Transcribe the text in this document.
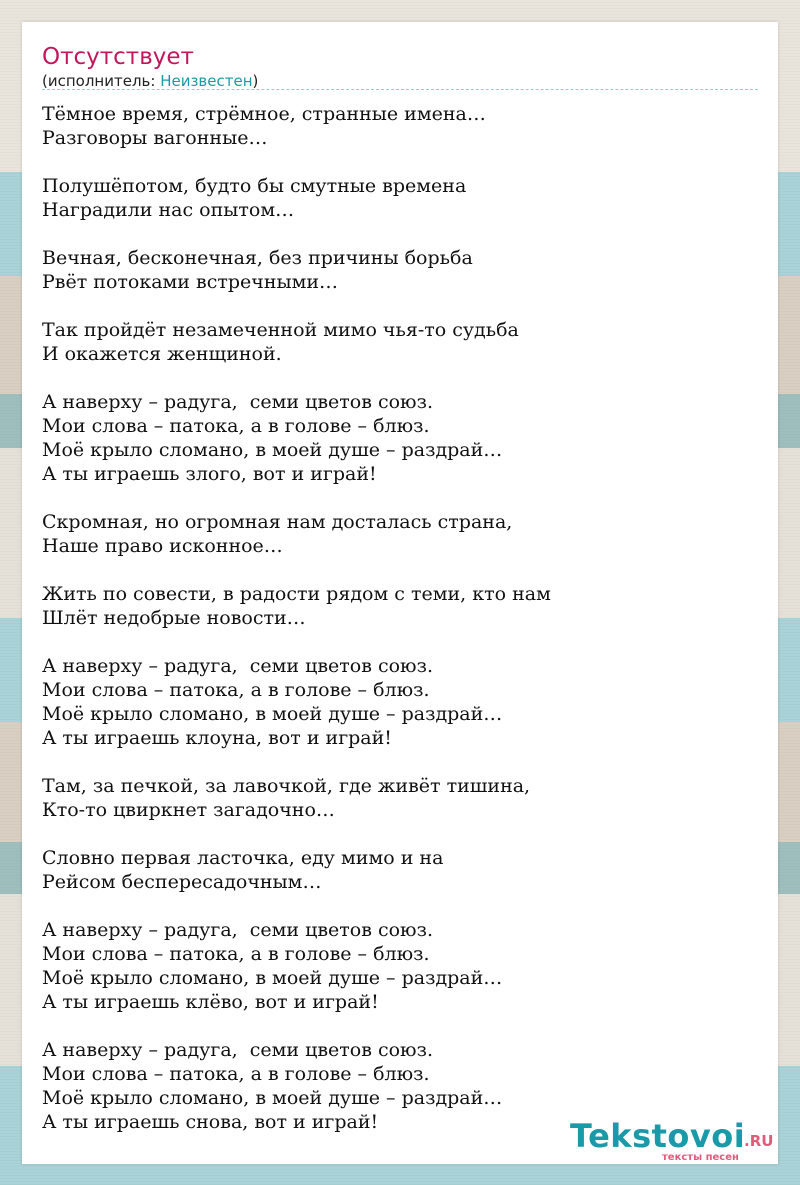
Отсутствует
(исполнитель: Неизвестен)
Тёмное время, стрёмное, странные имена…
Разговоры вагонные…
Полушёпотом, будто бы смутные времена
Наградили нас опытом…
Вечная, бесконечная, без причины борьба
Рвёт потоками встречными…
Так пройдёт незамеченной мимо чья-то судьба
И окажется женщиной.
А наверху – радуга,  семи цветов союз.
Мои слова – патока, а в голове – блюз.
Моё крыло сломано, в моей душе – раздрай…
А ты играешь злого, вот и играй!
Скромная, но огромная нам досталась страна,
Наше право исконное…
Жить по совести, в радости рядом с теми, кто нам
Шлёт недобрые новости…
А наверху – радуга,  семи цветов союз.
Мои слова – патока, а в голове – блюз.
Моё крыло сломано, в моей душе – раздрай…
А ты играешь клоуна, вот и играй!
Там, за печкой, за лавочкой, где живёт тишина,
Кто-то цвиркнет загадочно…
Словно первая ласточка, еду мимо и на
Рейсом беспересадочным…
А наверху – радуга,  семи цветов союз.
Мои слова – патока, а в голове – блюз.
Моё крыло сломано, в моей душе – раздрай…
А ты играешь клёво, вот и играй!
А наверху – радуга,  семи цветов союз.
Мои слова – патока, а в голове – блюз.
Моё крыло сломано, в моей душе – раздрай…
А ты играешь снова, вот и играй!	Tekstovoi
.RU
тексты песен
